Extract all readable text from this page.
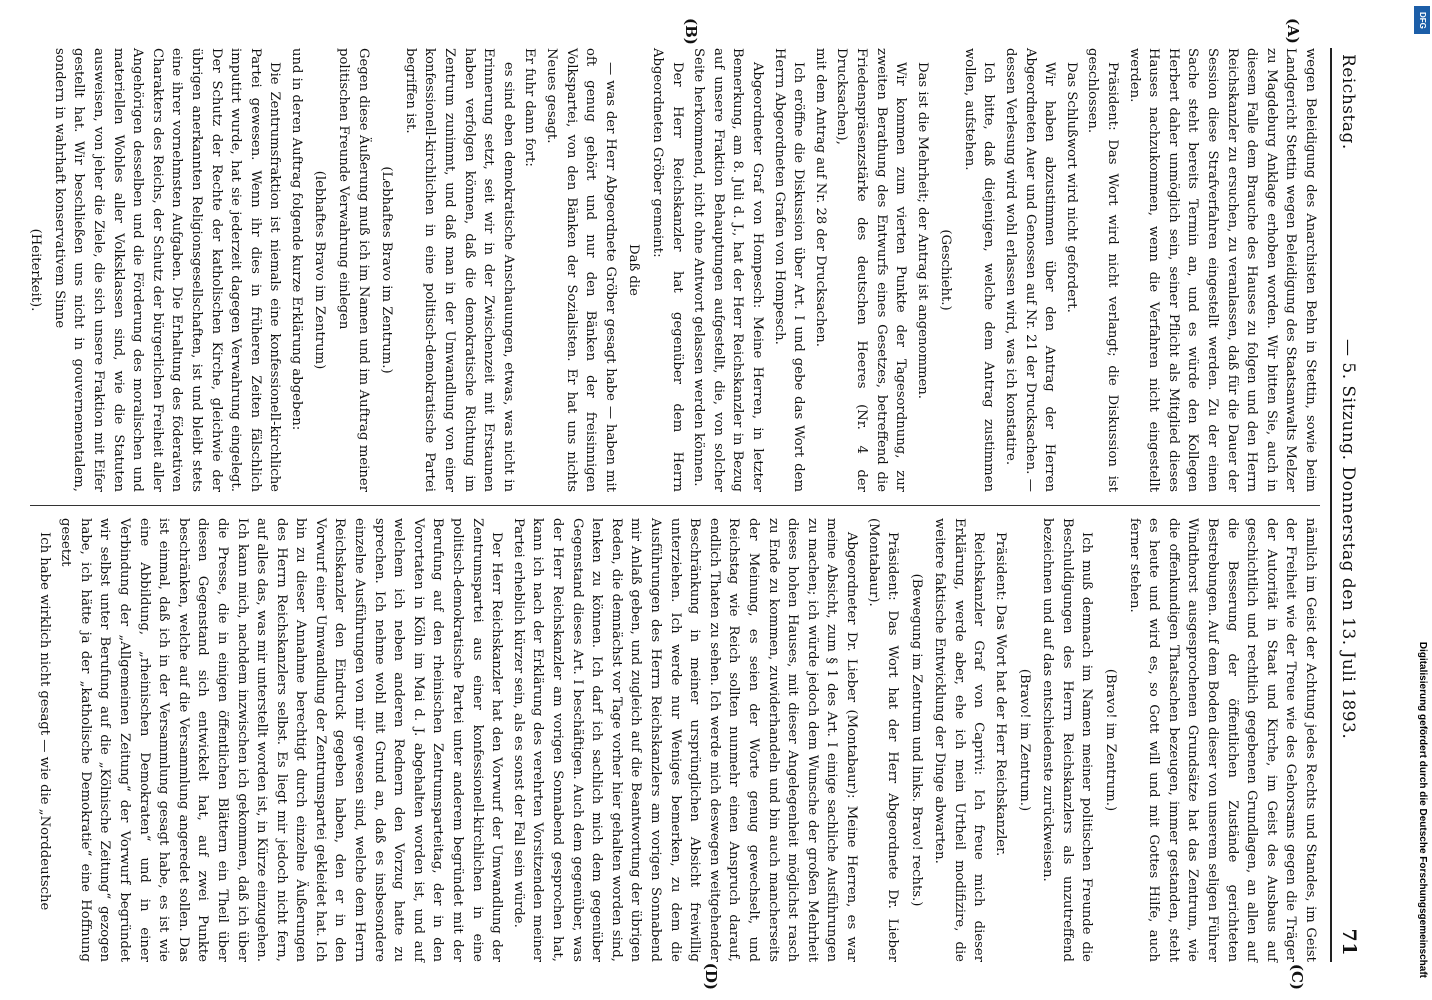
Reichstag.
— 5. Sitzung. Donnerstag den 13. Juli 1893.
71
(A)
(B)
(C)
(D)

wegen Beleidigung des Anarchisten Behn in Stettin, sowie beim Landgericht Stettin wegen Beleidigung des Staatsanwalts Melzer zu Magdeburg Anklage erhoben worden. Wir bitten Sie, auch in diesem Falle dem Brauche des Hauses zu folgen und den Herrn Reichskanzler zu ersuchen, zu veranlassen, daß für die Dauer der Session diese Strafverfahren eingestellt werden. Zu der einen Sache steht bereits Termin an, und es würde den Kollegen Herbert daher unmöglich sein, seiner Pflicht als Mitglied dieses Hauses nachzukommen, wenn die Verfahren nicht eingestellt werden.

Präsident: Das Wort wird nicht verlangt; die Diskussion ist geschlossen.

Das Schlußwort wird nicht gefordert.

Wir haben abzustimmen über den Antrag der Herren Abgeordneten Auer und Genossen auf Nr. 21 der Drucksachen. — dessen Verlesung wird wohl erlassen wird, was ich konstatire.

Ich bitte, daß diejenigen, welche dem Antrag zustimmen wollen, aufstehen.

(Geschieht.)

Das ist die Mehrheit; der Antrag ist angenommen.

Wir kommen zum vierten Punkte der Tagesordnung, zur zweiten Berathung des Entwurfs eines Gesetzes, betreffend die Friedenspräsenzstärke des deutschen Heeres (Nr. 4 der Drucksachen),

mit dem Antrag auf Nr. 28 der Drucksachen.

Ich eröffne die Diskussion über Art. I und gebe das Wort dem Herrn Abgeordneten Grafen von Hompesch.

Abgeordneter Graf von Hompesch: Meine Herren, in letzter Bemerkung, am 8. Juli d. J., hat der Herr Reichskanzler in Bezug auf unsere Fraktion Behauptungen aufgestellt, die, von solcher Seite herkommend, nicht ohne Antwort gelassen werden können.

Der Herr Reichskanzler hat gegenüber dem Herrn Abgeordneten Gröber gemeint:

Daß die

— was der Herr Abgeordnete Gröber gesagt habe — haben mit oft genug gehört und nur den Bänken der freisinnigen Volkspartei, von den Bänken der Sozialisten. Er hat uns nichts Neues gesagt.

Er fuhr dann fort:

es sind eben demokratische Anschauungen, etwas, was nicht in Erinnerung setzt, seit wir in der Zwischenzeit mit Erstaunen haben verfolgen können, daß die demokratische Richtung im Zentrum zunimmt, und daß man in der Umwandlung von einer konfessionell-kirchlichen in eine politisch-demokratische Partei begriffen ist.

(Lebhaftes Bravo im Zentrum.)

Gegen diese Äußerung muß ich im Namen und im Auftrag meiner politischen Freunde Verwahrung einlegen

(lebhaftes Bravo im Zentrum)

und in deren Auftrag folgende kurze Erklärung abgeben:

Die Zentrumsfraktion ist niemals eine konfessionell-kirchliche Partei gewesen. Wenn ihr dies in früheren Zeiten fälschlich imputirt wurde, hat sie jederzeit dagegen Verwahrung eingelegt. Der Schutz der Rechte der katholischen Kirche, gleichwie der übrigen anerkannten Religionsgesellschaften, ist und bleibt stets eine ihrer vornehmsten Aufgaben. Die Erhaltung des föderativen Charakters des Reichs, der Schutz der bürgerlichen Freiheit aller Angehörigen desselben und die Förderung des moralischen und materiellen Wohles aller Volksklassen sind, wie die Statuten ausweisen, von jeher die Ziele, die sich unsere Fraktion mit Eifer gestellt hat. Wir beschließen uns nicht in gouvernementalem, sondern in wahrhaft konservativem Sinne

(Heiterkeit).

nämlich im Geist der Achtung jedes Rechts und Standes, im Geist der Freiheit wie der Treue wie des Gehorsams gegen die Träger der Autorität in Staat und Kirche, im Geist des Ausbaus auf geschichtlich und rechtlich gegebenen Grundlagen, an allen auf die Besserung der öffentlichen Zustände gerichteten Bestrebungen. Auf dem Boden dieser von unserem seligen Führer Windthorst ausgesprochenen Grundsätze hat das Zentrum, wie die offenkundigen Thatsachen bezeugen, immer gestanden, steht es heute und wird es, so Gott will und mit Gottes Hilfe, auch ferner stehen.

(Bravo! im Zentrum.)

Ich muß demnach im Namen meiner politischen Freunde die Beschuldigungen des Herrn Reichskanzlers als unzutreffend bezeichnen und auf das entschiedenste zurückweisen.

(Bravo! im Zentrum.)

Präsident: Das Wort hat der Herr Reichskanzler.

Reichskanzler Graf von Caprivi: Ich freue mich dieser Erklärung, werde aber, ehe ich mein Urtheil modifizire, die weitere faktische Entwicklung der Dinge abwarten.

(Bewegung im Zentrum und links. Bravo! rechts.)

Präsident: Das Wort hat der Herr Abgeordnete Dr. Lieber (Montabaur).

Abgeordneter Dr. Lieber (Montabaur): Meine Herren, es war meine Absicht, zum § 1 des Art. I einige sachliche Ausführungen zu machen; ich würde jedoch dem Wunsche der großen Mehrheit dieses hohen Hauses, mit dieser Angelegenheit möglichst rasch zu Ende zu kommen, zuwiderhandeln und bin auch mancherseits der Meinung, es seien der Worte genug gewechselt, und Reichstag wie Reich sollten nunmehr einen Anspruch darauf, endlich Thaten zu sehen. Ich werde mich deswegen weitgehender Beschränkung in meiner ursprünglichen Absicht freiwillig unterziehen. Ich werde nur Weniges bemerken, zu dem die Ausführungen des Herrn Reichskanzlers am vorigen Sonnabend mir Anlaß geben, und zugleich auf die Beantwortung der übrigen Reden, die demnächst vor Tage vorher hier gehalten worden sind, lenken zu können. Ich darf ich sachlich mich dem gegenüber Gegenstand dieses Art. I beschäftigen. Auch dem gegenüber, was der Herr Reichskanzler am vorigen Sonnabend gesprochen hat, kann ich nach der Erklärung des verehrten Vorsitzenden meiner Partei erheblich kürzer sein, als es sonst der Fall sein würde.

Der Herr Reichskanzler hat den Vorwurf der Umwandlung der Zentrumspartei aus einer konfessionell-kirchlichen in eine politisch-demokratische Partei unter anderem begründet mit der Berufung auf den rheinischen Zentrumsparteitag, der in den Vorortaten in Köln im Mai d. J. abgehalten worden ist, und auf welchem ich neben anderen Rednern den Vorzug hatte zu sprechen. Ich nehme wohl mit Grund an, daß es insbesondere einzelne Ausführungen von mir gewesen sind, welche dem Herrn Reichskanzler den Eindruck gegeben haben, den er in den Vorwurf einer Umwandlung der Zentrumspartei gekleidet hat. Ich bin zu dieser Annahme berechtigt durch einzelne Äußerungen des Herrn Reichskanzlers selbst. Es liegt mir jedoch nicht fern, auf alles das, was mir unterstellt worden ist, in Kürze einzugehen. Ich kann mich, nachdem inzwischen ich gekommen, daß ich über die Presse, die in einigen öffentlichen Blättern ein Theil über diesen Gegenstand sich entwickelt hat, auf zwei Punkte beschränken, welche auf die Versammlung angeredet sollen. Das ist einmal, daß ich in der Versammlung gesagt habe, es ist wie eine Abbildung, „rheinischen Demokraten“ und in einer Verbindung der „Allgemeinen Zeitung“ der Vorwurf begründet wir selbst unter Berufung auf die „Kölnische Zeitung“ gezogen habe, ich hätte ja der „katholische Demokratie“ eine Hoffnung gesetzt

Ich habe wirklich nicht gesagt — wie die „Norddeutsche	Digitalisierung gefördert durch die Deutsche Forschungsgemeinschaft
DFG
